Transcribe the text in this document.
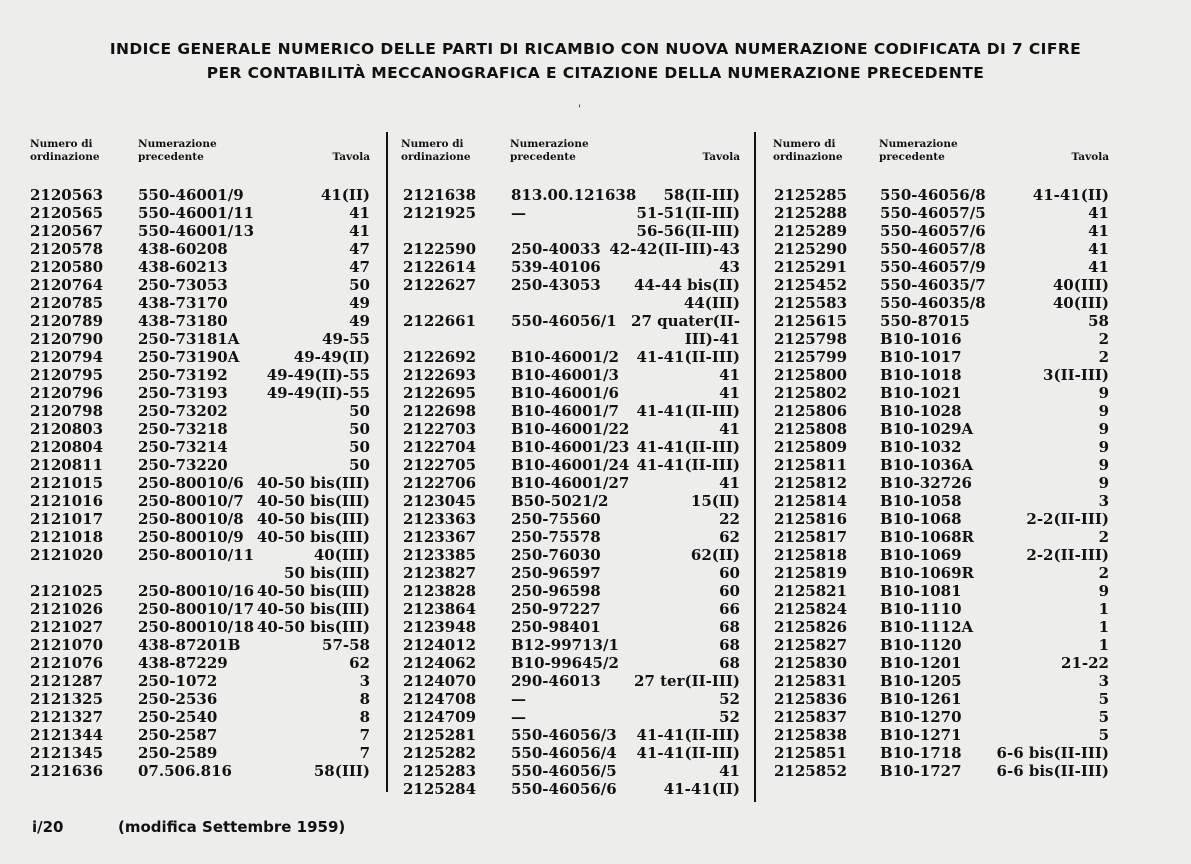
INDICE GENERALE NUMERICO DELLE PARTI DI RICAMBIO CON NUOVA NUMERAZIONE CODIFICATA DI 7 CIFRE
PER CONTABILITÀ MECCANOGRAFICA E CITAZIONE DELLA NUMERAZIONE PRECEDENTE
'
Numero di
ordinazione
Numerazione
precedente	Tavola
2120563 550-46001/9	41(II)
2120565 550-46001/11	41
2120567 550-46001/13	41
2120578 438-60208	47
2120580 438-60213	47
2120764 250-73053	50
2120785 438-73170	49
2120789 438-73180	49
2120790 250-73181A	49-55
2120794 250-73190A	49-49(II)
2120795 250-73192	49-49(II)-55
2120796 250-73193	49-49(II)-55
2120798 250-73202	50
2120803 250-73218	50
2120804 250-73214	50
2120811 250-73220	50
2121015 250-80010/6 40-50 bis(III)
2121016 250-80010/7 40-50 bis(III)
2121017 250-80010/8 40-50 bis(III)
2121018 250-80010/9 40-50 bis(III)
2121020 250-80010/11	40(III)
50 bis(III)
2121025 250-80010/16 40-50 bis(III)
2121026 250-80010/17 40-50 bis(III)
2121027 250-80010/18 40-50 bis(III)
2121070 438-87201B	57-58
2121076 438-87229	62
2121287 250-1072	3
2121325 250-2536	8
2121327 250-2540	8
2121344 250-2587	7
2121345 250-2589	7
2121636 07.506.816	58(III)
Numero di
ordinazione
Numerazione
precedente	Tavola
2121638 813.00.121638 58(II-III)
2121925 —	51-51(II-III)
56-56(II-III)
2122590 250-40033 42-42(II-III)-43
2122614 539-40106	43
2122627 250-43053 44-44 bis(II)
44(III)
2122661 550-46056/1 27 quater(II-
III)-41
2122692 B10-46001/2 41-41(II-III)
2122693 B10-46001/3	41
2122695 B10-46001/6	41
2122698 B10-46001/7 41-41(II-III)
2122703 B10-46001/22	41
2122704 B10-46001/23 41-41(II-III)
2122705 B10-46001/24 41-41(II-III)
2122706 B10-46001/27	41
2123045 B50-5021/2	15(II)
2123363 250-75560	22
2123367 250-75578	62
2123385 250-76030	62(II)
2123827 250-96597	60
2123828 250-96598	60
2123864 250-97227	66
2123948 250-98401	68
2124012 B12-99713/1	68
2124062 B10-99645/2	68
2124070 290-46013 27 ter(II-III)
2124708 —	52
2124709 —	52
2125281 550-46056/3 41-41(II-III)
2125282 550-46056/4 41-41(II-III)
2125283 550-46056/5	41
2125284 550-46056/6	41-41(II)
Numero di
ordinazione
Numerazione
precedente	Tavola
2125285 550-46056/8	41-41(II)
2125288 550-46057/5	41
2125289 550-46057/6	41
2125290 550-46057/8	41
2125291 550-46057/9	41
2125452 550-46035/7	40(III)
2125583 550-46035/8	40(III)
2125615 550-87015	58
2125798 B10-1016	2
2125799 B10-1017	2
2125800 B10-1018	3(II-III)
2125802 B10-1021	9
2125806 B10-1028	9
2125808 B10-1029A	9
2125809 B10-1032	9
2125811 B10-1036A	9
2125812 B10-32726	9
2125814 B10-1058	3
2125816 B10-1068	2-2(II-III)
2125817 B10-1068R	2
2125818 B10-1069	2-2(II-III)
2125819 B10-1069R	2
2125821 B10-1081	9
2125824 B10-1110	1
2125826 B10-1112A	1
2125827 B10-1120	1
2125830 B10-1201	21-22
2125831 B10-1205	3
2125836 B10-1261	5
2125837 B10-1270	5
2125838 B10-1271	5
2125851 B10-1718 6-6 bis(II-III)
2125852 B10-1727 6-6 bis(II-III)
i/20	(modifica Settembre 1959)
